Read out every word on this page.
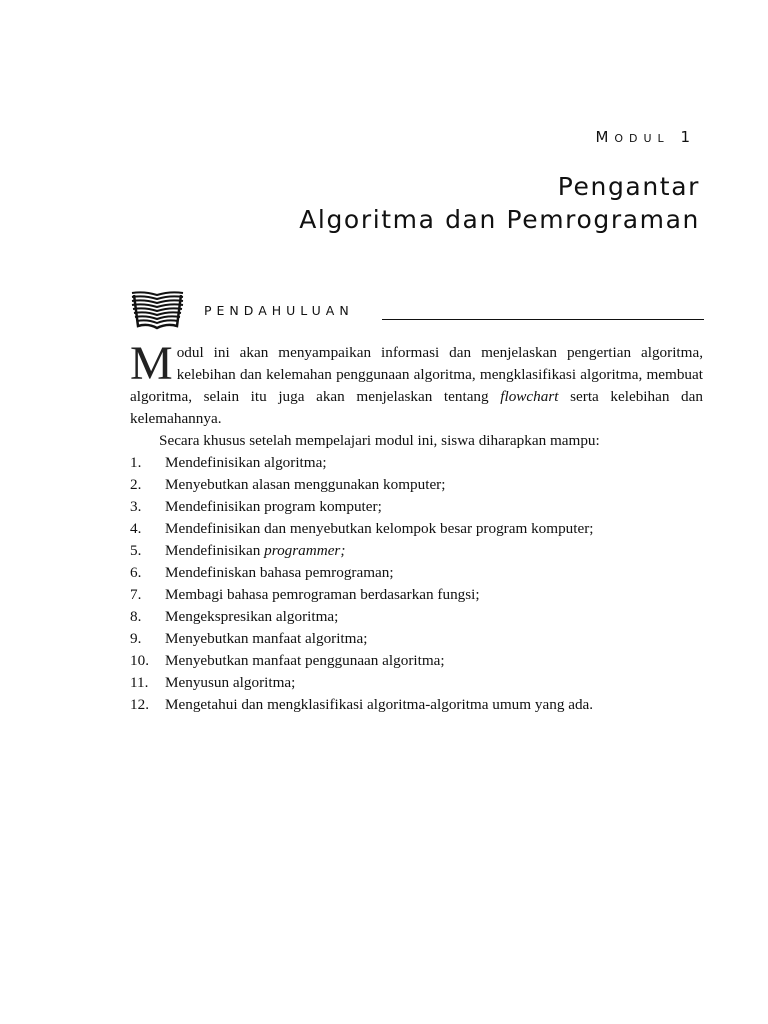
Modul 1
Pengantar
Algoritma dan Pemrograman
PENDAHULUAN

Modul ini akan menyampaikan informasi dan menjelaskan pengertian algoritma, kelebihan dan kelemahan penggunaan algoritma, mengklasifikasi algoritma, membuat algoritma, selain itu juga akan menjelaskan tentang flowchart serta kelebihan dan kelemahannya.

Secara khusus setelah mempelajari modul ini, siswa diharapkan mampu:

1. Mendefinisikan algoritma;
2. Menyebutkan alasan menggunakan komputer;
3. Mendefinisikan program komputer;
4. Mendefinisikan dan menyebutkan kelompok besar program komputer;
5. Mendefinisikan programmer;
6. Mendefiniskan bahasa pemrograman;
7. Membagi bahasa pemrograman berdasarkan fungsi;
8. Mengekspresikan algoritma;
9. Menyebutkan manfaat algoritma;
10. Menyebutkan manfaat penggunaan algoritma;
11. Menyusun algoritma;
12. Mengetahui dan mengklasifikasi algoritma-algoritma umum yang ada.
